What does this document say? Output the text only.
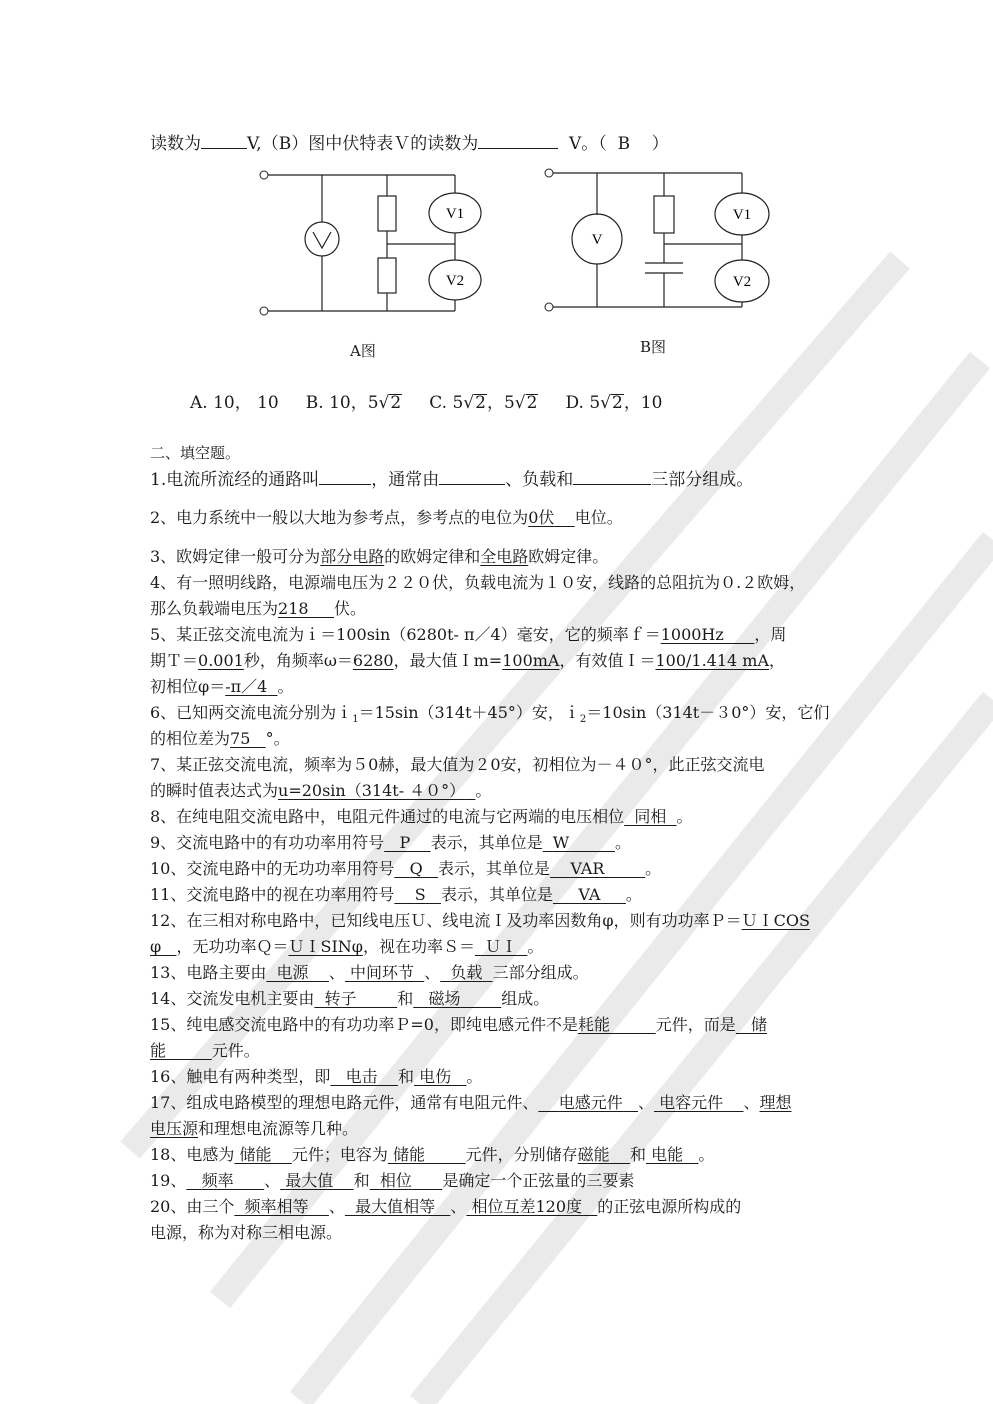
读数为	V,（B）图中伏特表Ｖ的读数为	V。（ B ）
V1
V2
A图
V
V1
V2
B图
A. 10， 10 B. 10，5√2 C. 5√2，5√2 D. 5√2，10
二、填空题。
1.电流所流经的通路叫	，通常由	、负载和	三部分组成。
2、电力系统中一般以大地为参考点，参考点的电位为0伏 电位。
3、欧姆定律一般可分为部分电路的欧姆定律和全电路欧姆定律。
4、有一照明线路，电源端电压为２２０伏，负载电流为１０安，线路的总阻抗为０.２欧姆，
那么负载端电压为218 伏。
5、某正弦交流电流为ｉ＝100sin（6280t- π／4）毫安，它的频率ｆ＝1000Hz ，周
期Ｔ＝0.001秒，角频率ω＝6280，最大值Ｉm=100mA，有效值Ｉ＝100/1.414 mA，
初相位φ＝-π／4 。
6、已知两交流电流分别为ｉ$_1$＝15sin（314t＋45°）安，ｉ$_2$＝10sin（314t－３0°）安，它们
的相位差为75 °。
7、某正弦交流电流，频率为５0赫，最大值为２0安，初相位为－４０°，此正弦交流电
的瞬时值表达式为u=20sin（314t- ４０°） 。
8、在纯电阻交流电路中，电阻元件通过的电流与它两端的电压相位 同相 。
9、交流电路中的有功功率用符号 P 表示，其单位是 W	。
10、交流电路中的无功功率用符号 Q 表示，其单位是 VAR	。
11、交流电路中的视在功率用符号 S 表示，其单位是 VA 。
12、在三相对称电路中，已知线电压Ｕ、线电流Ｉ及功率因数角φ，则有功功率Ｐ＝ＵＩCOS
φ ，无功功率Ｑ＝ＵＩSINφ，视在功率Ｓ＝ ＵＩ 。
13、电路主要由 电源 、 中间环节 、 负载 三部分组成。
14、交流发电机主要由 转子	和 磁场	组成。
15、纯电感交流电路中的有功功率Ｐ=0，即纯电感元件不是耗能	元件，而是 储
能	元件。
16、触电有两种类型，即 电击 和 电伤 。
17、组成电路模型的理想电路元件，通常有电阻元件、 电感元件 、 电容元件 、理想
电压源和理想电流源等几种。
18、电感为 储能 元件；电容为 储能	元件，分别储存磁能 和 电能 。
19、 频率 、 最大值 和 相位 是确定一个正弦量的三要素
20、由三个 频率相等 、 最大值相等 、 相位互差120度 的正弦电源所构成的
电源，称为对称三相电源。
